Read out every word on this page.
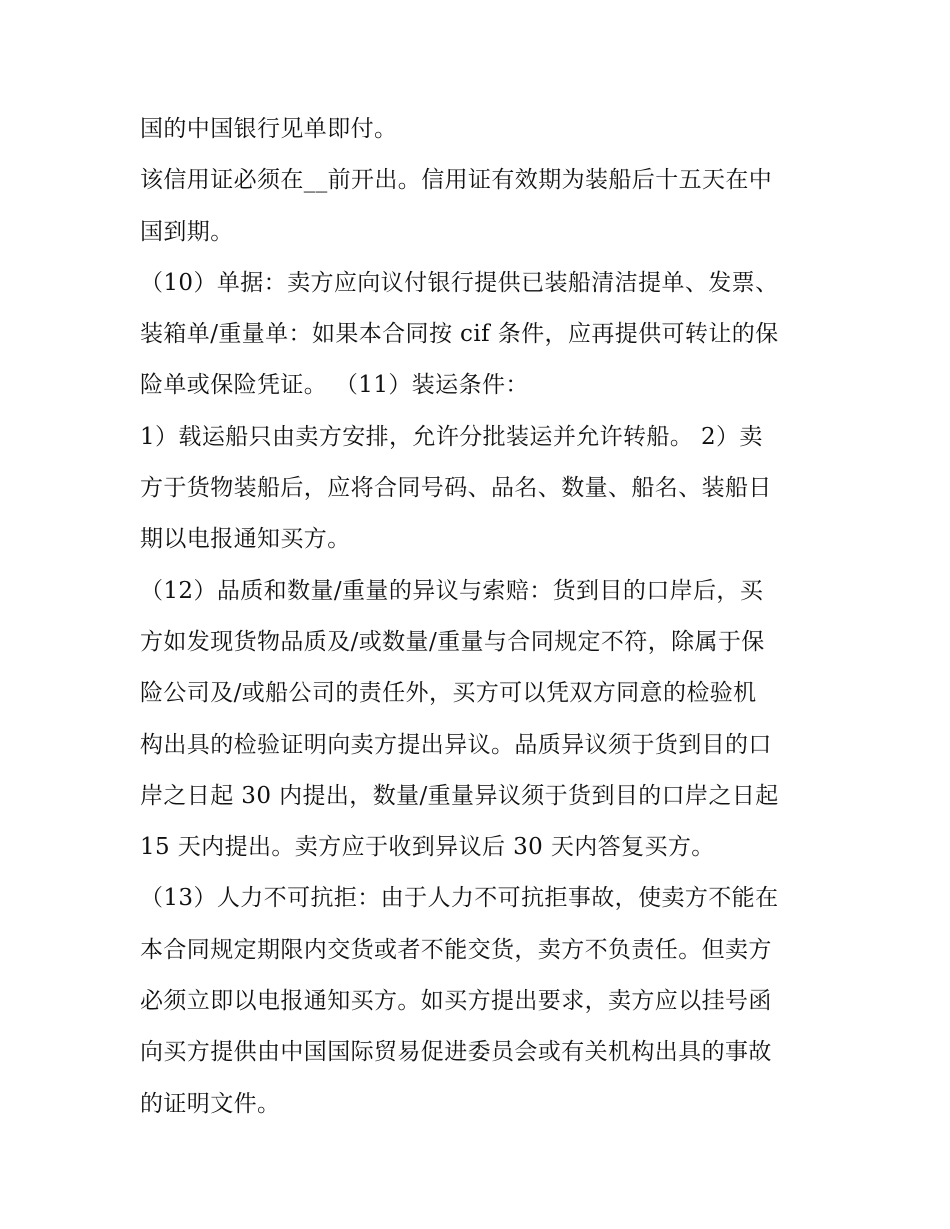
国的中国银行见单即付。
该信用证必须在__前开出。信用证有效期为装船后十五天在中
国到期。
（10）单据：卖方应向议付银行提供已装船清洁提单、发票、
装箱单/重量单：如果本合同按 cif 条件，应再提供可转让的保
险单或保险凭证。 （11）装运条件：
1）载运船只由卖方安排，允许分批装运并允许转船。 2）卖
方于货物装船后，应将合同号码、品名、数量、船名、装船日
期以电报通知买方。
（12）品质和数量/重量的异议与索赔：货到目的口岸后，买
方如发现货物品质及/或数量/重量与合同规定不符，除属于保
险公司及/或船公司的责任外，买方可以凭双方同意的检验机
构出具的检验证明向卖方提出异议。品质异议须于货到目的口
岸之日起 30 内提出，数量/重量异议须于货到目的口岸之日起
15 天内提出。卖方应于收到异议后 30 天内答复买方。
（13）人力不可抗拒：由于人力不可抗拒事故，使卖方不能在
本合同规定期限内交货或者不能交货，卖方不负责任。但卖方
必须立即以电报通知买方。如买方提出要求，卖方应以挂号函
向买方提供由中国国际贸易促进委员会或有关机构出具的事故
的证明文件。
